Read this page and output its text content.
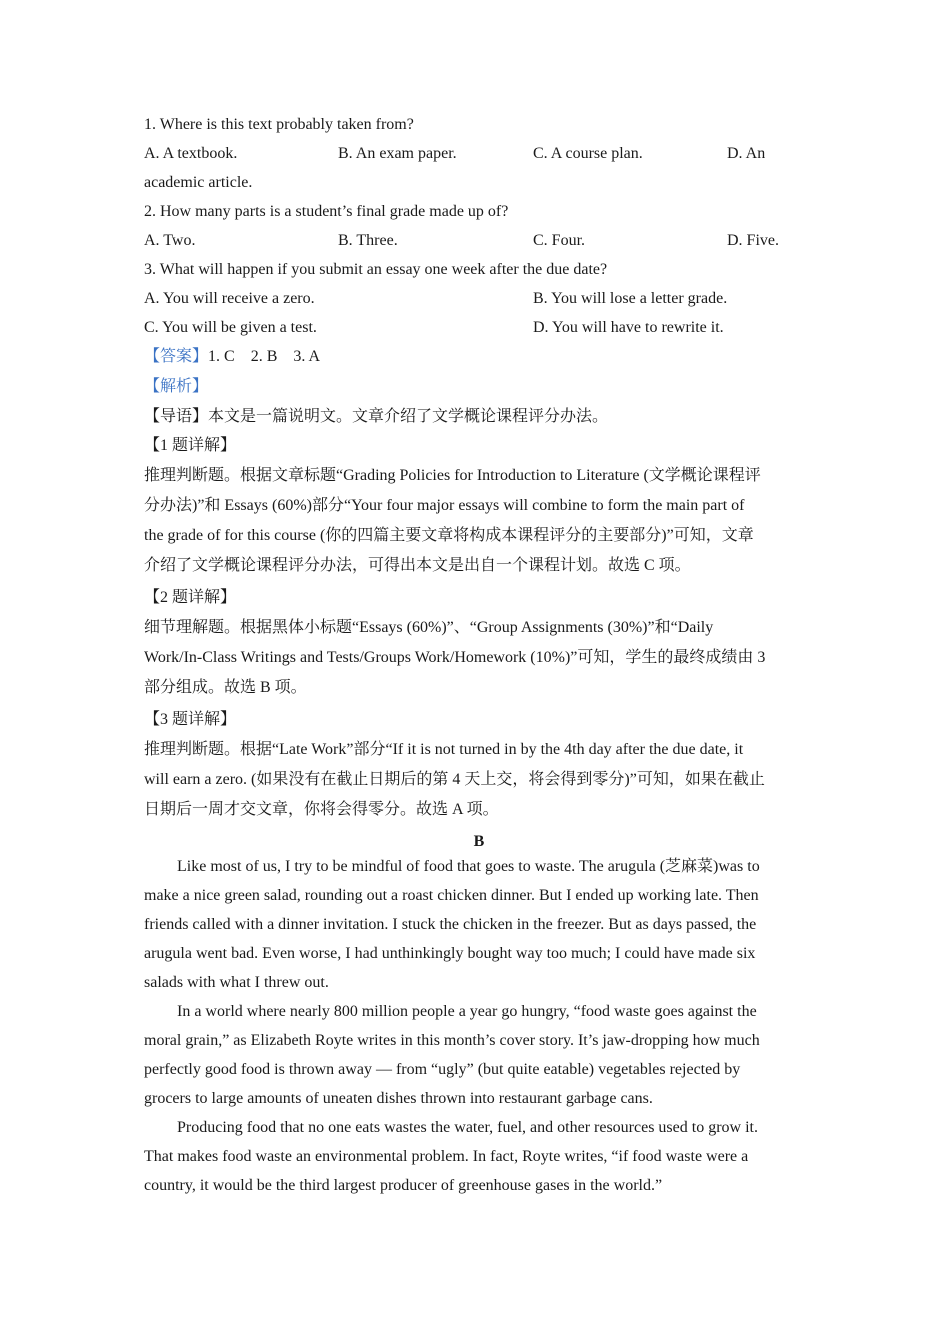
1. Where is this text probably taken from?
A. A textbook.	B. An exam paper.	C. A course plan.	D. An
academic article.
2. How many parts is a student’s final grade made up of?
A. Two.	B. Three.	C. Four.	D. Five.
3. What will happen if you submit an essay one week after the due date?
A. You will receive a zero.	B. You will lose a letter grade.
C. You will be given a test.	D. You will have to rewrite it.
【答案】1. C    2. B    3. A
【解析】
【导语】本文是一篇说明文。文章介绍了文学概论课程评分办法。
【1 题详解】
推理判断题。根据文章标题“Grading Policies for Introduction to Literature (文学概论课程评
分办法)”和 Essays (60%)部分“Your four major essays will combine to form the main part of
the grade of for this course (你的四篇主要文章将构成本课程评分的主要部分)”可知，文章
介绍了文学概论课程评分办法，可得出本文是出自一个课程计划。故选 C 项。
【2 题详解】
细节理解题。根据黑体小标题“Essays (60%)”、“Group Assignments (30%)”和“Daily
Work/In-Class Writings and Tests/Groups Work/Homework (10%)”可知，学生的最终成绩由 3
部分组成。故选 B 项。
【3 题详解】
推理判断题。根据“Late Work”部分“If it is not turned in by the 4th day after the due date, it
will earn a zero. (如果没有在截止日期后的第 4 天上交，将会得到零分)”可知，如果在截止
日期后一周才交文章，你将会得零分。故选 A 项。
B
Like most of us, I try to be mindful of food that goes to waste. The arugula (芝麻菜)was to
make a nice green salad, rounding out a roast chicken dinner. But I ended up working late. Then
friends called with a dinner invitation. I stuck the chicken in the freezer. But as days passed, the
arugula went bad. Even worse, I had unthinkingly bought way too much; I could have made six
salads with what I threw out.
In a world where nearly 800 million people a year go hungry, “food waste goes against the
moral grain,” as Elizabeth Royte writes in this month’s cover story. It’s jaw-dropping how much
perfectly good food is thrown away — from “ugly” (but quite eatable) vegetables rejected by
grocers to large amounts of uneaten dishes thrown into restaurant garbage cans.
Producing food that no one eats wastes the water, fuel, and other resources used to grow it.
That makes food waste an environmental problem. In fact, Royte writes, “if food waste were a
country, it would be the third largest producer of greenhouse gases in the world.”
